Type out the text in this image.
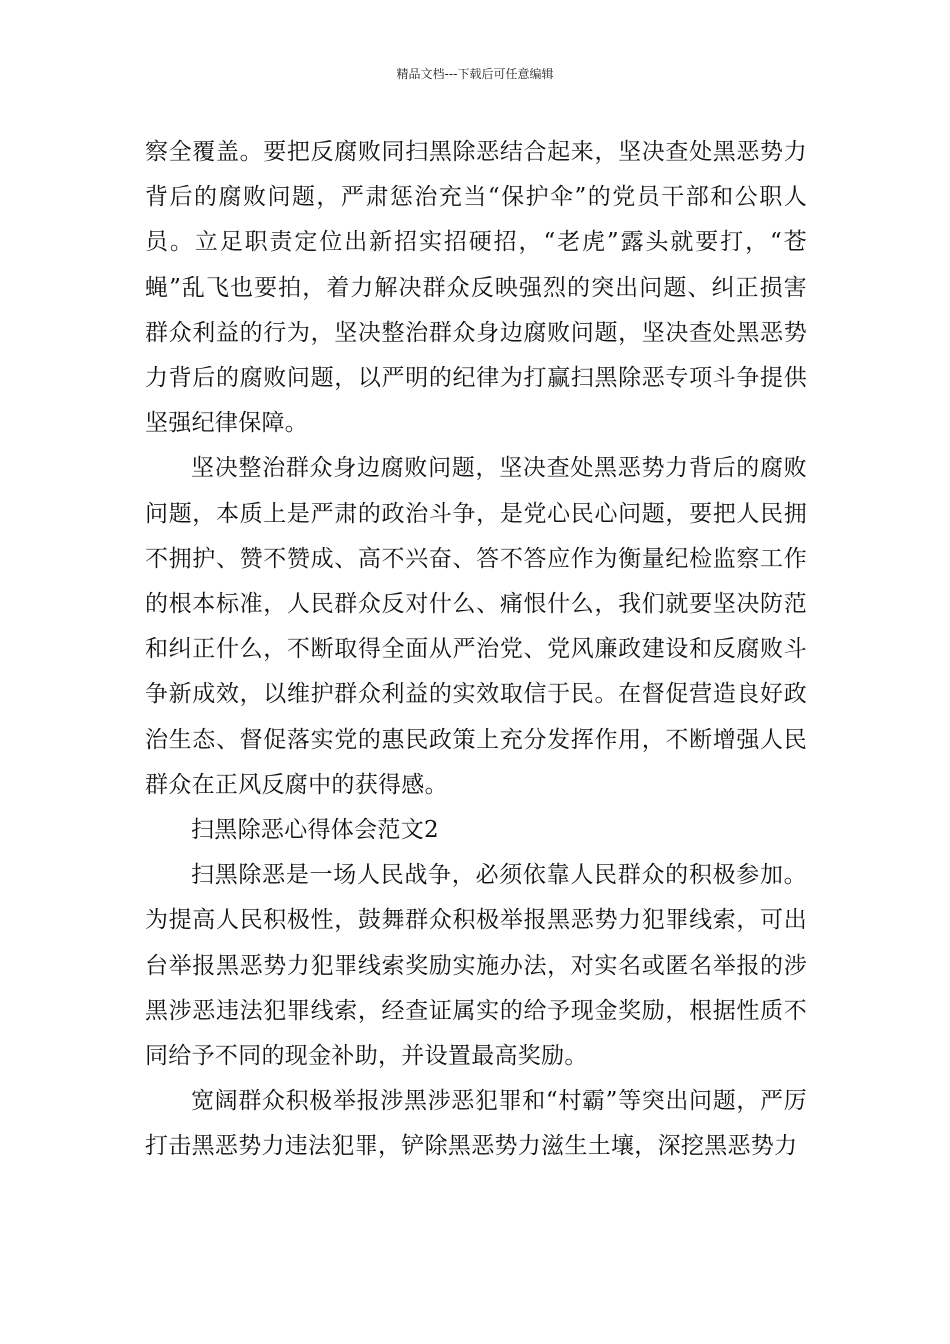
精品文档---下载后可任意编辑

察全覆盖。要把反腐败同扫黑除恶结合起来，坚决查处黑恶势力背后的腐败问题，严肃惩治充当“保护伞”的党员干部和公职人员。立足职责定位出新招实招硬招，“老虎”露头就要打，“苍蝇”乱飞也要拍，着力解决群众反映强烈的突出问题、纠正损害群众利益的行为，坚决整治群众身边腐败问题，坚决查处黑恶势力背后的腐败问题，以严明的纪律为打赢扫黑除恶专项斗争提供坚强纪律保障。

坚决整治群众身边腐败问题，坚决查处黑恶势力背后的腐败问题，本质上是严肃的政治斗争，是党心民心问题，要把人民拥不拥护、赞不赞成、高不兴奋、答不答应作为衡量纪检监察工作的根本标准，人民群众反对什么、痛恨什么，我们就要坚决防范和纠正什么，不断取得全面从严治党、党风廉政建设和反腐败斗争新成效，以维护群众利益的实效取信于民。在督促营造良好政治生态、督促落实党的惠民政策上充分发挥作用，不断增强人民群众在正风反腐中的获得感。

扫黑除恶心得体会范文2

扫黑除恶是一场人民战争，必须依靠人民群众的积极参加。为提高人民积极性，鼓舞群众积极举报黑恶势力犯罪线索，可出台举报黑恶势力犯罪线索奖励实施办法，对实名或匿名举报的涉黑涉恶违法犯罪线索，经查证属实的给予现金奖励，根据性质不同给予不同的现金补助，并设置最高奖励。

宽阔群众积极举报涉黑涉恶犯罪和“村霸”等突出问题，严厉打击黑恶势力违法犯罪，铲除黑恶势力滋生土壤，深挖黑恶势力
